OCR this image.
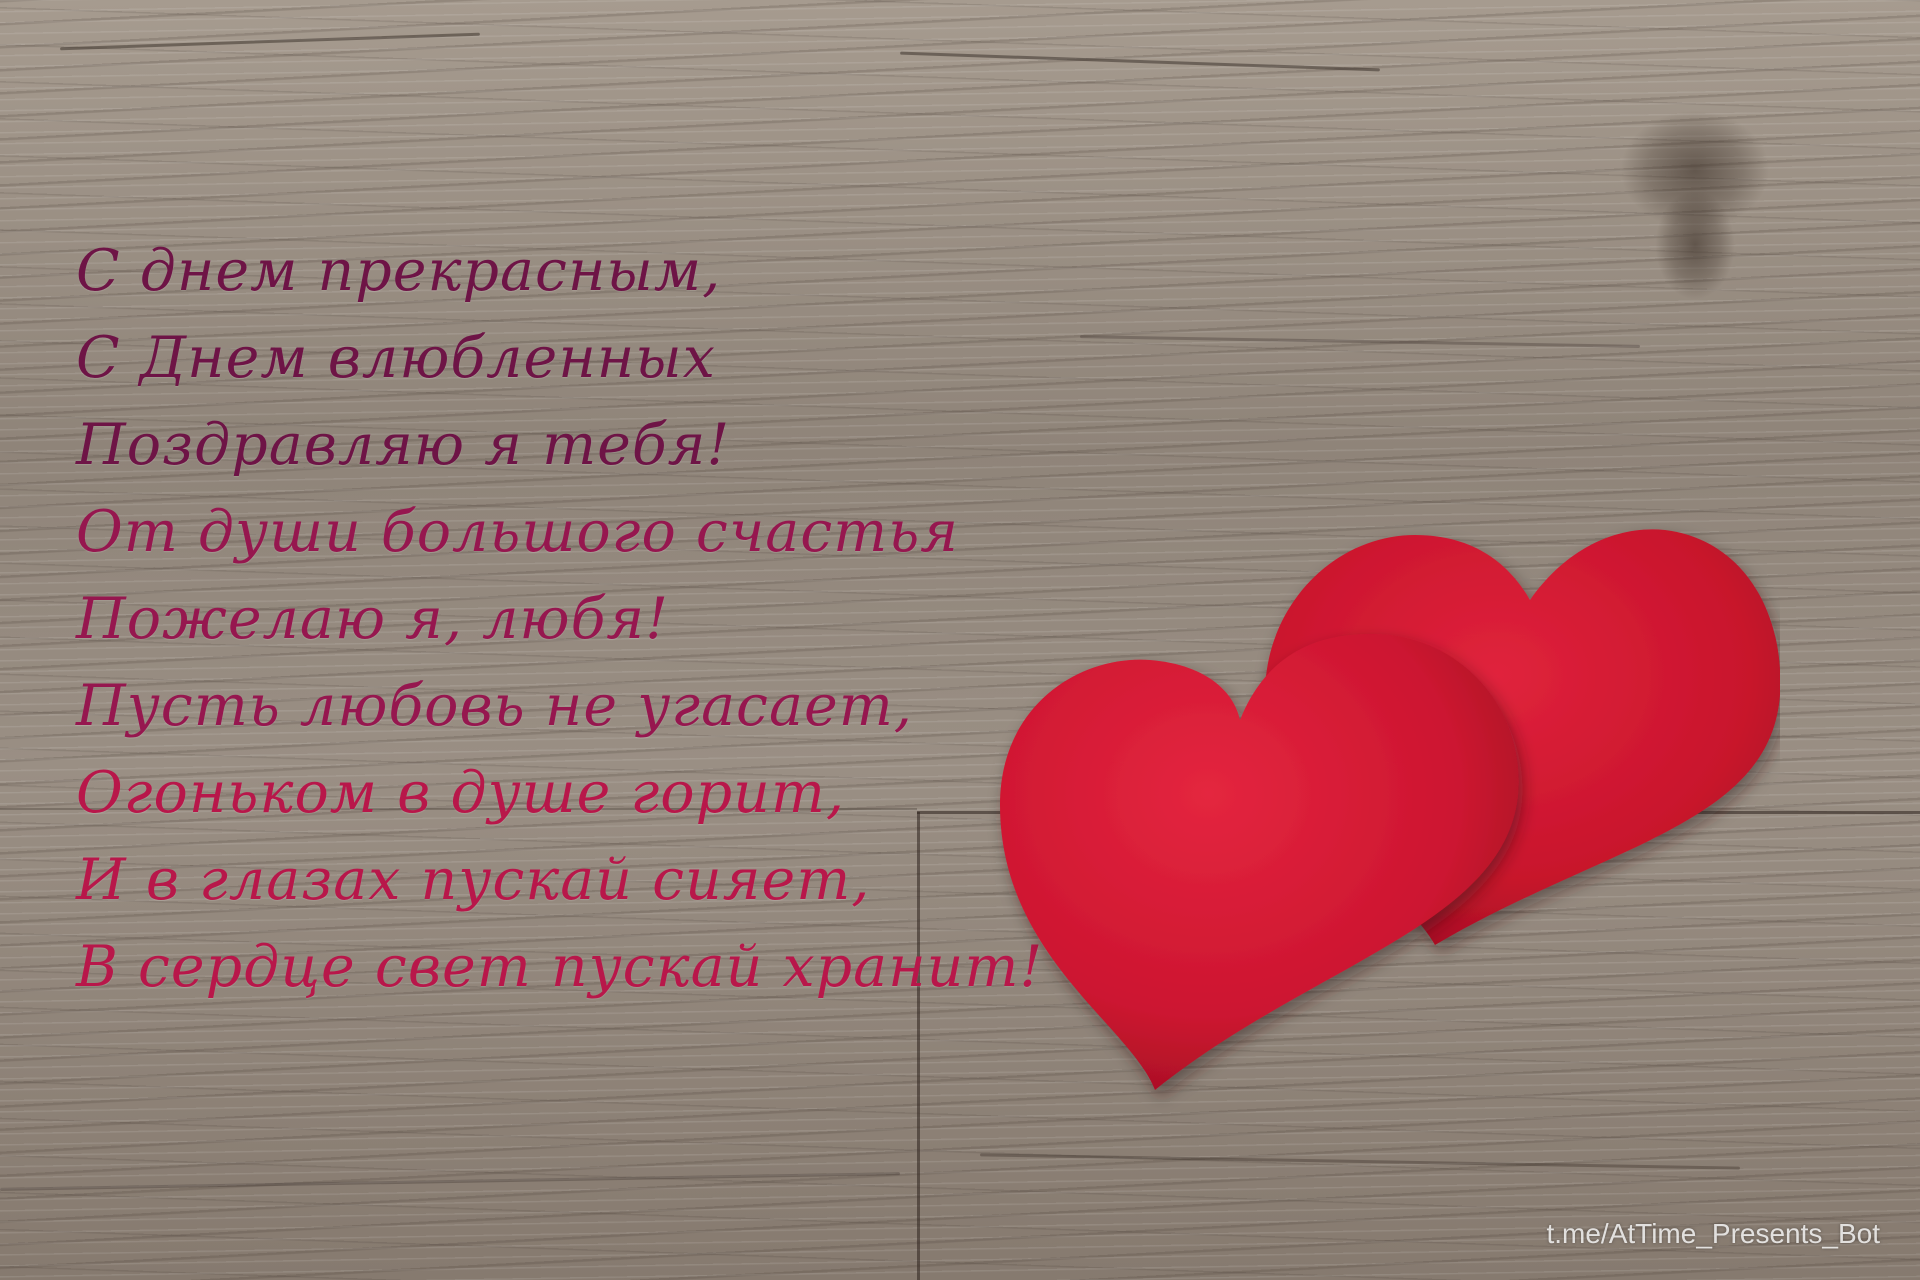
С днем прекрасным,
С Днем влюбленных
Поздравляю я тебя!
От души большого счастья
Пожелаю я, любя!
Пусть любовь не угасает,
Огоньком в душе горит,
И в глазах пускай сияет,
В сердце свет пускай хранит!
t.me/AtTime_Presents_Bot
